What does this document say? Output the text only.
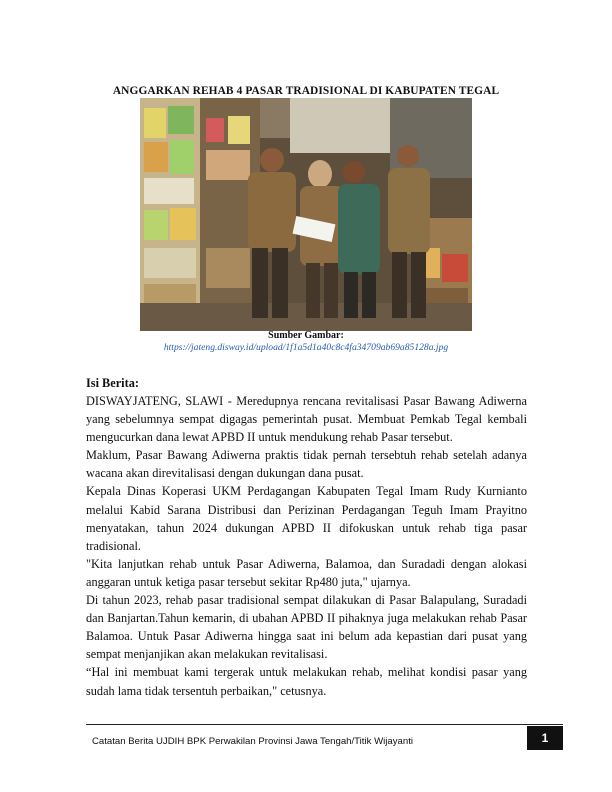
ANGGARKAN REHAB 4 PASAR TRADISIONAL DI KABUPATEN TEGAL
Sumber Gambar:
https://jateng.disway.id/upload/1f1a5d1a40c8c4fa34709ab69a85128a.jpg
Isi Berita:

DISWAYJATENG, SLAWI - Meredupnya rencana revitalisasi Pasar Bawang Adiwerna yang sebelumnya sempat digagas pemerintah pusat. Membuat Pemkab Tegal kembali mengucurkan dana lewat APBD II untuk mendukung rehab Pasar tersebut.

Maklum, Pasar Bawang Adiwerna praktis tidak pernah tersebtuh rehab setelah adanya wacana akan direvitalisasi dengan dukungan dana pusat.

Kepala Dinas Koperasi UKM Perdagangan Kabupaten Tegal Imam Rudy Kurnianto melalui Kabid Sarana Distribusi dan Perizinan Perdagangan Teguh Imam Prayitno menyatakan, tahun 2024 dukungan APBD II difokuskan untuk rehab tiga pasar tradisional.

"Kita lanjutkan rehab untuk Pasar Adiwerna, Balamoa, dan Suradadi dengan alokasi anggaran untuk ketiga pasar tersebut sekitar Rp480 juta," ujarnya.

Di tahun 2023, rehab pasar tradisional sempat dilakukan di Pasar Balapulang, Suradadi dan Banjartan.Tahun kemarin, di ubahan APBD II pihaknya juga melakukan rehab Pasar Balamoa. Untuk Pasar Adiwerna hingga saat ini belum ada kepastian dari pusat yang sempat menjanjikan akan melakukan revitalisasi.

“Hal ini membuat kami tergerak untuk melakukan rehab, melihat kondisi pasar yang sudah lama tidak tersentuh perbaikan," cetusnya.

Catatan Berita UJDIH BPK Perwakilan Provinsi Jawa Tengah/Titik Wijayanti	1
